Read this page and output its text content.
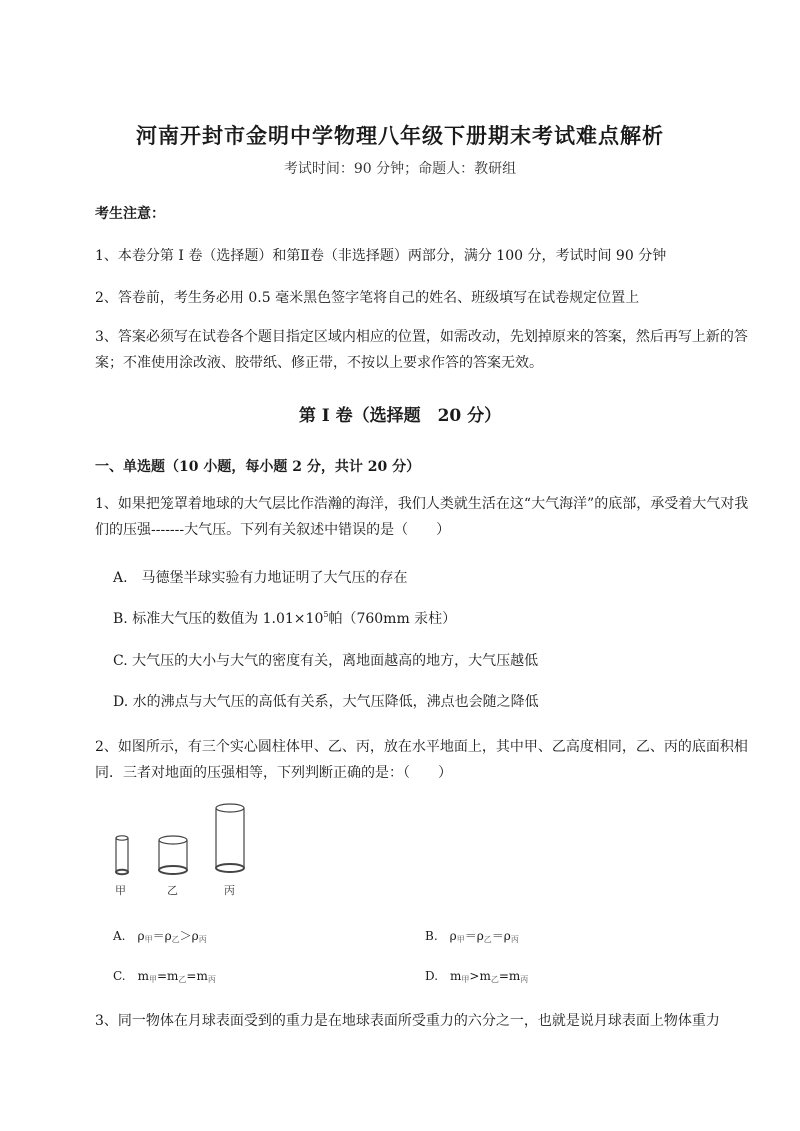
河南开封市金明中学物理八年级下册期末考试难点解析
考试时间：90 分钟；命题人：教研组
考生注意：
1、本卷分第 I 卷（选择题）和第Ⅱ卷（非选择题）两部分，满分 100 分，考试时间 90 分钟
2、答卷前，考生务必用 0.5 毫米黑色签字笔将自己的姓名、班级填写在试卷规定位置上
3、答案必须写在试卷各个题目指定区域内相应的位置，如需改动，先划掉原来的答案，然后再写上新的答案；不准使用涂改液、胶带纸、修正带，不按以上要求作答的答案无效。
第 I 卷（选择题　20 分）
一、单选题（10 小题，每小题 2 分，共计 20 分）
1、如果把笼罩着地球的大气层比作浩瀚的海洋，我们人类就生活在这“大气海洋”的底部，承受着大气对我们的压强-------大气压。下列有关叙述中错误的是（　　）
A.　马德堡半球实验有力地证明了大气压的存在
B. 标准大气压的数值为 $1.01\times 10^5$帕（760mm 汞柱）
C. 大气压的大小与大气的密度有关，离地面越高的地方，大气压越低
D. 水的沸点与大气压的高低有关系，大气压降低，沸点也会随之降低
2、如图所示，有三个实心圆柱体甲、乙、丙，放在水平地面上，其中甲、乙高度相同，乙、丙的底面积相同．三者对地面的压强相等，下列判断正确的是：（　　）
甲	乙	丙
A.　 $\rho_甲=\rho_乙>\rho_丙$	B.　 $\rho_甲=\rho_乙=\rho_丙$
C.　 $m_甲=m_乙=m_丙$	D.　 $m_甲>m_乙=m_丙$
3、同一物体在月球表面受到的重力是在地球表面所受重力的六分之一，也就是说月球表面上物体重力
